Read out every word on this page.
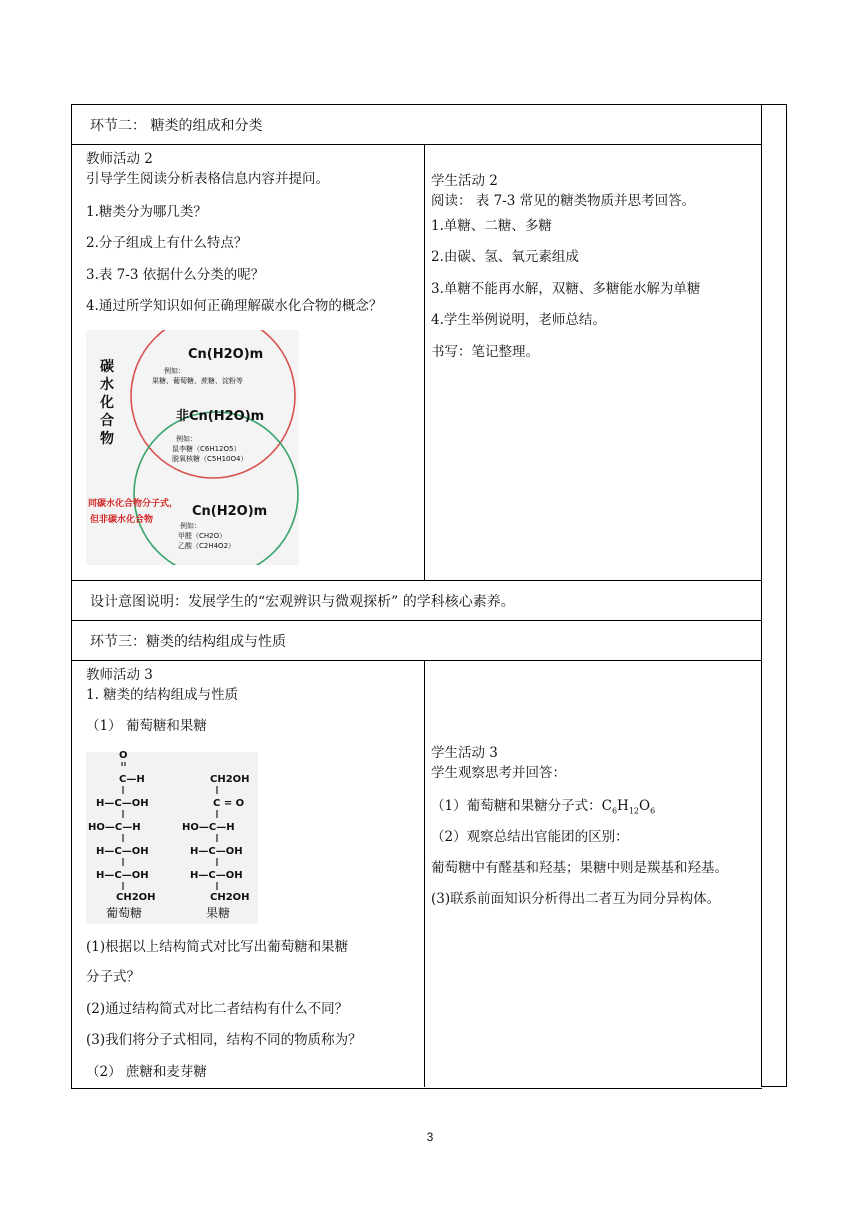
环节二： 糖类的组成和分类
教师活动 2
引导学生阅读分析表格信息内容并提问。
1.糖类分为哪几类？
2.分子组成上有什么特点？
3.表 7-3 依据什么分类的呢？
4.通过所学知识如何正确理解碳水化合物的概念？
碳
水
化
合
物
Cn(H2O)m
例如：
果糖、葡萄糖、蔗糖、淀粉等
非Cn(H2O)m
例如：
鼠李糖（C6H12O5）
脱氧核糖（C5H10O4）
同碳水化合物分子式，
但非碳水化合物
Cn(H2O)m
例如：
甲醛（CH2O）
乙酸（C2H4O2）
学生活动 2
阅读： 表 7-3 常见的糖类物质并思考回答。
1.单糖、二糖、多糖
2.由碳、氢、氧元素组成
3.单糖不能再水解，双糖、多糖能水解为单糖
4.学生举例说明，老师总结。
书写：笔记整理。
设计意图说明：发展学生的“宏观辨识与微观探析” 的学科核心素养。
环节三：糖类的结构组成与性质
教师活动 3
1. 糖类的结构组成与性质
（1） 葡萄糖和果糖
O
C—H
H—C—OH
HO—C—H
H—C—OH
H—C—OH
CH2OH
葡萄糖
CH2OH
C = O
HO—C—H
H—C—OH
H—C—OH
CH2OH
果糖
(1)根据以上结构简式对比写出葡萄糖和果糖
分子式？
(2)通过结构简式对比二者结构有什么不同？
(3)我们将分子式相同，结构不同的物质称为？
（2） 蔗糖和麦芽糖
学生活动 3
学生观察思考并回答：
（1）葡萄糖和果糖分子式：$C_6H_{12}O_6$
（2）观察总结出官能团的区别：
葡萄糖中有醛基和羟基；果糖中则是羰基和羟基。
(3)联系前面知识分析得出二者互为同分异构体。
3
